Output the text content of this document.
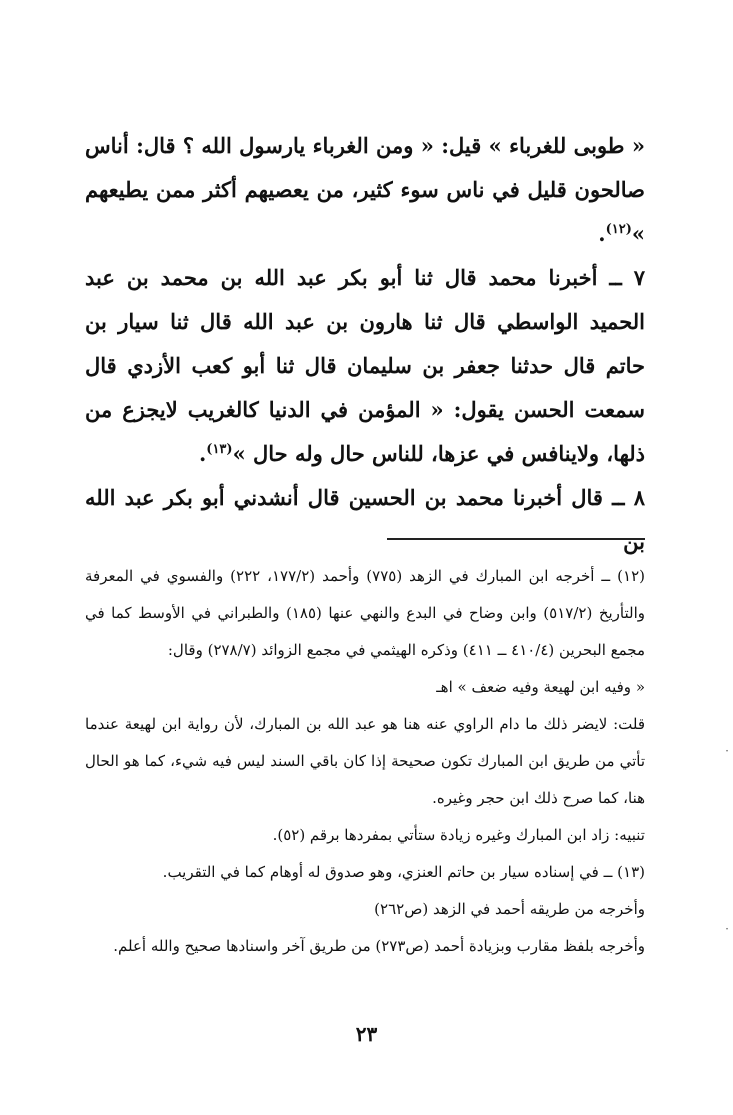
« طوبى للغرباء » قيل: « ومن الغرباء يارسول الله ؟ قال: أناس صالحون قليل في ناس سوء كثير، من يعصيهم أكثر ممن يطيعهم »$^{(١٢)}$.

٧ ــ أخبرنا محمد قال ثنا أبو بكر عبد الله بن محمد بن عبد الحميد الواسطي قال ثنا هارون بن عبد الله قال ثنا سيار بن حاتم قال حدثنا جعفر بن سليمان قال ثنا أبو كعب الأزدي قال سمعت الحسن يقول: « المؤمن في الدنيا كالغريب لايجزع من ذلها، ولاينافس في عزها، للناس حال وله حال »$^{(١٣)}$.

٨ ــ قال أخبرنا محمد بن الحسين قال أنشدني أبو بكر عبد الله بن

(١٢) ــ أخرجه ابن المبارك في الزهد (٧٧٥) وأحمد (١٧٧/٢، ٢٢٢) والفسوي في المعرفة والتأريخ (٥١٧/٢) وابن وضاح في البدع والنهي عنها (١٨٥) والطبراني في الأوسط كما في مجمع البحرين (٤١٠/٤ ــ ٤١١) وذكره الهيثمي في مجمع الزوائد (٢٧٨/٧) وقال:

« وفيه ابن لهيعة وفيه ضعف » اهـ

قلت: لايضر ذلك ما دام الراوي عنه هنا هو عبد الله بن المبارك، لأن رواية ابن لهيعة عندما تأتي من طريق ابن المبارك تكون صحيحة إذا كان باقي السند ليس فيه شيء، كما هو الحال هنا، كما صرح ذلك ابن حجر وغيره.

تنبيه: زاد ابن المبارك وغيره زيادة ستأتي بمفردها برقم (٥٢).

(١٣) ــ في إسناده سيار بن حاتم العنزي، وهو صدوق له أوهام كما في التقريب.

وأخرجه من طريقه أحمد في الزهد (ص٢٦٢)

وأخرجه بلفظ مقارب وبزيادة أحمد (ص٢٧٣) من طريق آخر واسنادها صحيح والله أعلم.

٢٣
·
·
